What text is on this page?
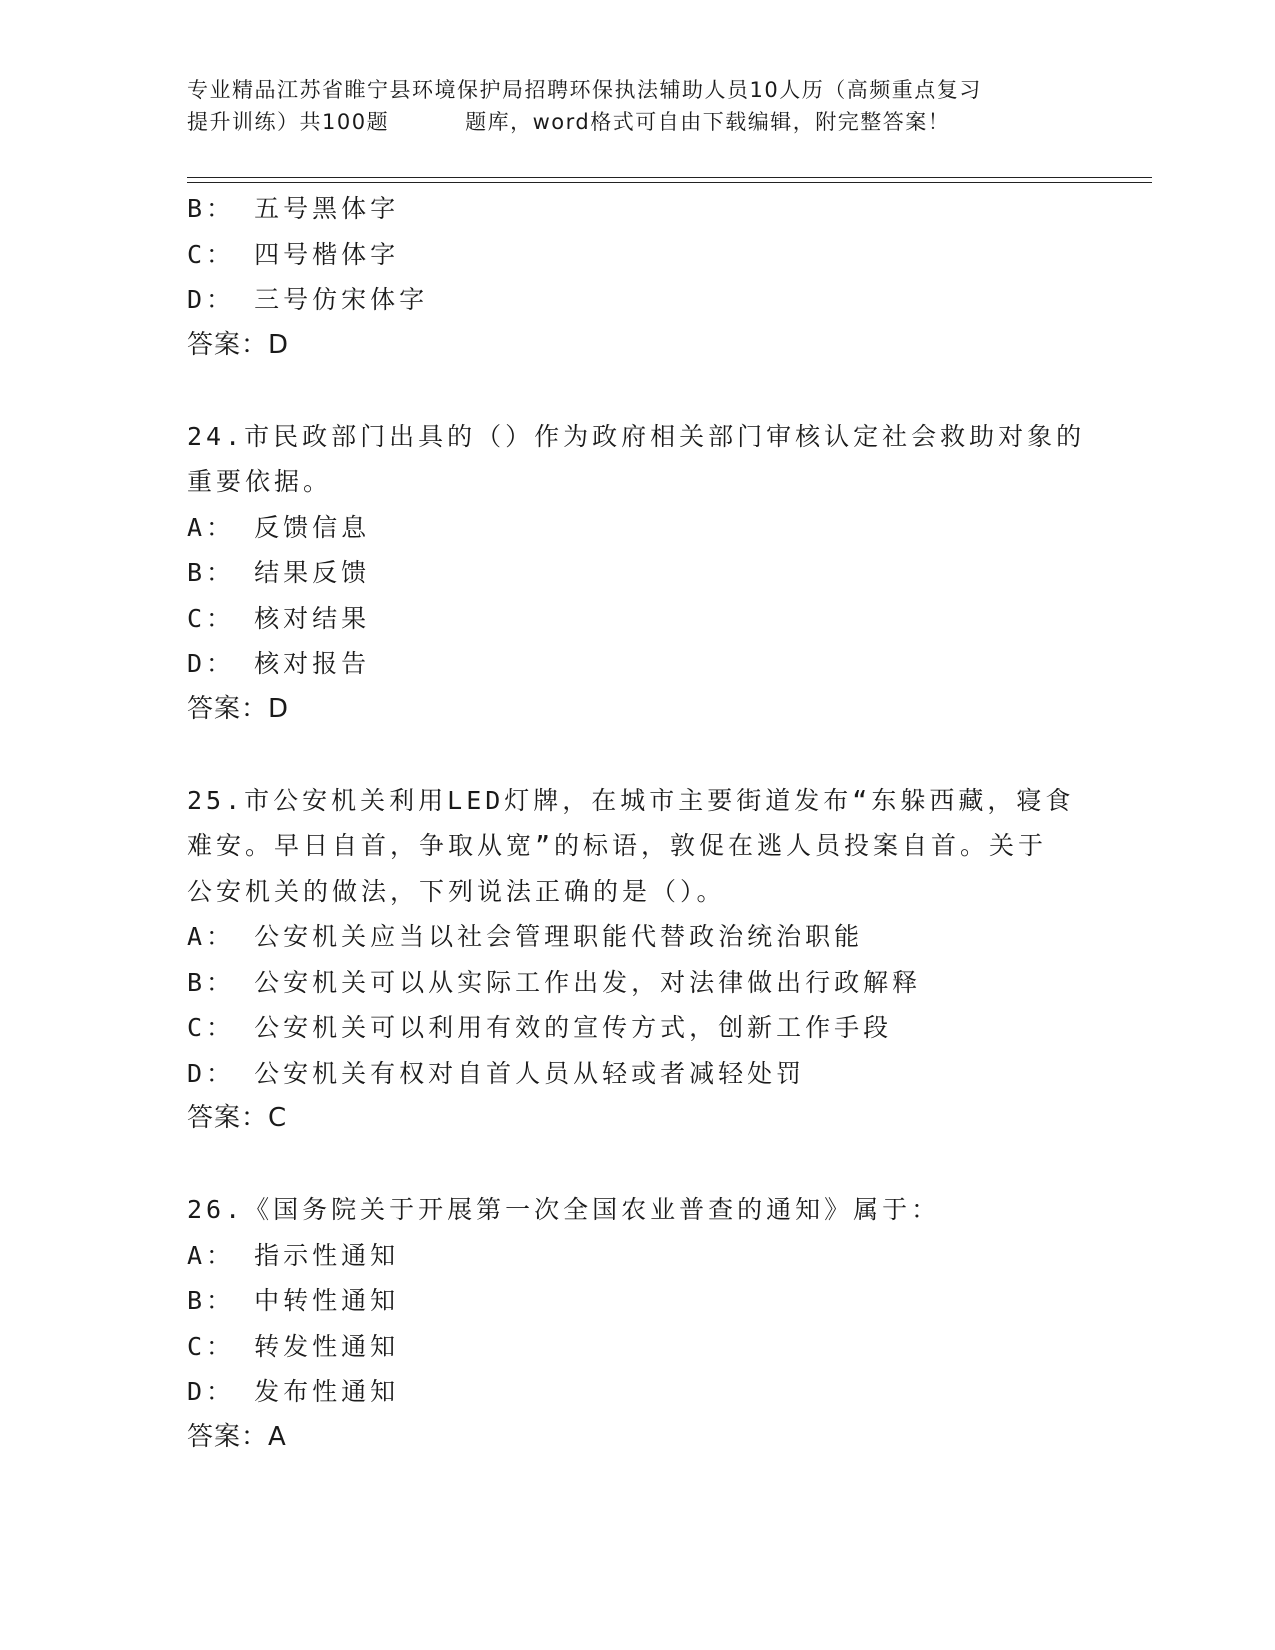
专业精品江苏省睢宁县环境保护局招聘环保执法辅助人员10人历（高频重点复习
提升训练）共100题	题库，word格式可自由下载编辑，附完整答案！
B： 五号黑体字
C： 四号楷体字
D： 三号仿宋体字
答案：D
24.市民政部门出具的（）作为政府相关部门审核认定社会救助对象的
重要依据。
A： 反馈信息
B： 结果反馈
C： 核对结果
D： 核对报告
答案：D
25.市公安机关利用LED灯牌，在城市主要街道发布“东躲西藏，寝食
难安。早日自首，争取从宽”的标语，敦促在逃人员投案自首。关于
公安机关的做法，下列说法正确的是（）。
A： 公安机关应当以社会管理职能代替政治统治职能
B： 公安机关可以从实际工作出发，对法律做出行政解释
C： 公安机关可以利用有效的宣传方式，创新工作手段
D： 公安机关有权对自首人员从轻或者减轻处罚
答案：C
26.《国务院关于开展第一次全国农业普查的通知》属于：
A： 指示性通知
B： 中转性通知
C： 转发性通知
D： 发布性通知
答案：A
